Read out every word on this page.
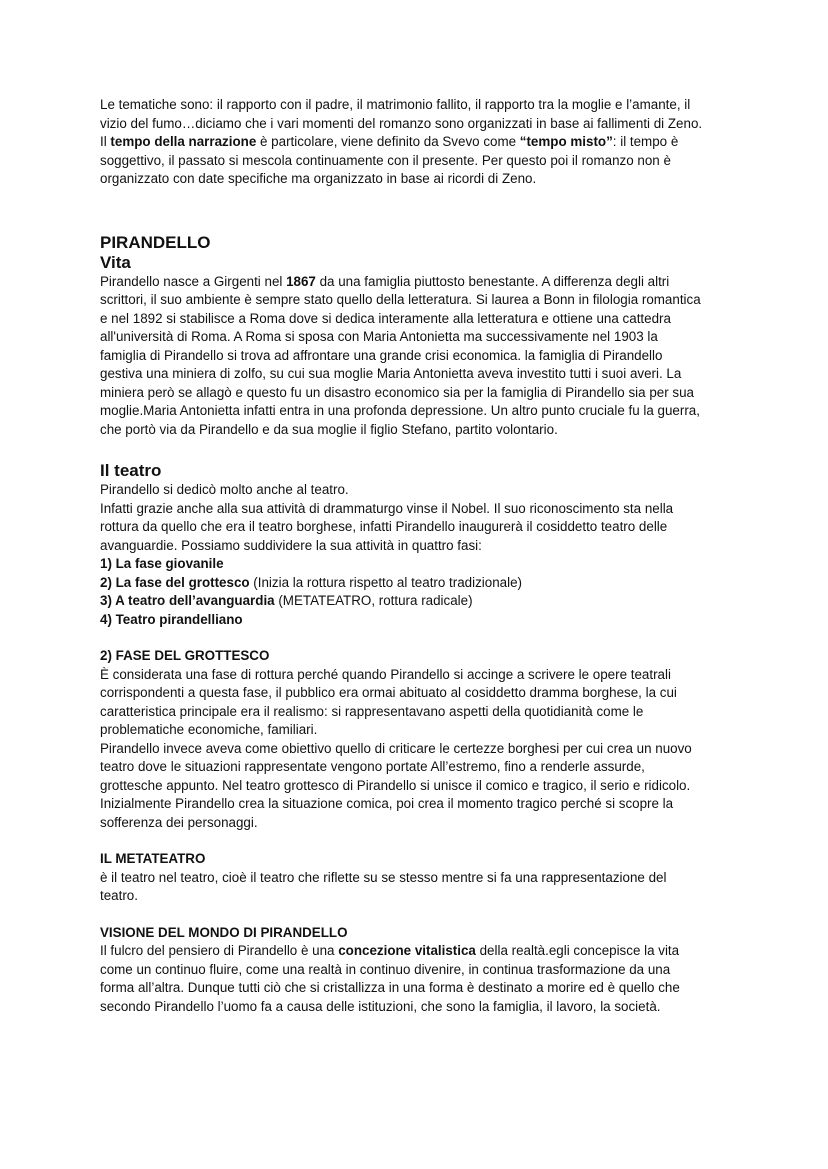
Le tematiche sono: il rapporto con il padre, il matrimonio fallito, il rapporto tra la moglie e l’amante, il

vizio del fumo…diciamo che i vari momenti del romanzo sono organizzati in base ai fallimenti di Zeno.

Il tempo della narrazione è particolare, viene definito da Svevo come “tempo misto”: il tempo è

soggettivo, il passato si mescola continuamente con il presente. Per questo poi il romanzo non è

organizzato con date specifiche ma organizzato in base ai ricordi di Zeno.

PIRANDELLO
Vita

Pirandello nasce a Girgenti nel 1867 da una famiglia piuttosto benestante. A differenza degli altri

scrittori, il suo ambiente è sempre stato quello della letteratura. Si laurea a Bonn in filologia romantica

e nel 1892 si stabilisce a Roma dove si dedica interamente alla letteratura e ottiene una cattedra

all'università di Roma. A Roma si sposa con Maria Antonietta ma successivamente nel 1903 la

famiglia di Pirandello si trova ad affrontare una grande crisi economica. la famiglia di Pirandello

gestiva una miniera di zolfo, su cui sua moglie Maria Antonietta aveva investito tutti i suoi averi. La

miniera però se allagò e questo fu un disastro economico sia per la famiglia di Pirandello sia per sua

moglie.Maria Antonietta infatti entra in una profonda depressione. Un altro punto cruciale fu la guerra,

che portò via da Pirandello e da sua moglie il figlio Stefano, partito volontario.

Il teatro

Pirandello si dedicò molto anche al teatro.

Infatti grazie anche alla sua attività di drammaturgo vinse il Nobel. Il suo riconoscimento sta nella

rottura da quello che era il teatro borghese, infatti Pirandello inaugurerà il cosiddetto teatro delle

avanguardie. Possiamo suddividere la sua attività in quattro fasi:

1) La fase giovanile

2) La fase del grottesco (Inizia la rottura rispetto al teatro tradizionale)

3) A teatro dell’avanguardia (METATEATRO, rottura radicale)

4) Teatro pirandelliano

2) FASE DEL GROTTESCO

È considerata una fase di rottura perché quando Pirandello si accinge a scrivere le opere teatrali

corrispondenti a questa fase, il pubblico era ormai abituato al cosiddetto dramma borghese, la cui

caratteristica principale era il realismo: si rappresentavano aspetti della quotidianità come le

problematiche economiche, familiari.

Pirandello invece aveva come obiettivo quello di criticare le certezze borghesi per cui crea un nuovo

teatro dove le situazioni rappresentate vengono portate All’estremo, fino a renderle assurde,

grottesche appunto. Nel teatro grottesco di Pirandello si unisce il comico e tragico, il serio e ridicolo.

Inizialmente Pirandello crea la situazione comica, poi crea il momento tragico perché si scopre la

sofferenza dei personaggi.

IL METATEATRO

è il teatro nel teatro, cioè il teatro che riflette su se stesso mentre si fa una rappresentazione del

teatro.

VISIONE DEL MONDO DI PIRANDELLO

Il fulcro del pensiero di Pirandello è una concezione vitalistica della realtà.egli concepisce la vita

come un continuo fluire, come una realtà in continuo divenire, in continua trasformazione da una

forma all’altra. Dunque tutti ciò che si cristallizza in una forma è destinato a morire ed è quello che

secondo Pirandello l’uomo fa a causa delle istituzioni, che sono la famiglia, il lavoro, la società.
